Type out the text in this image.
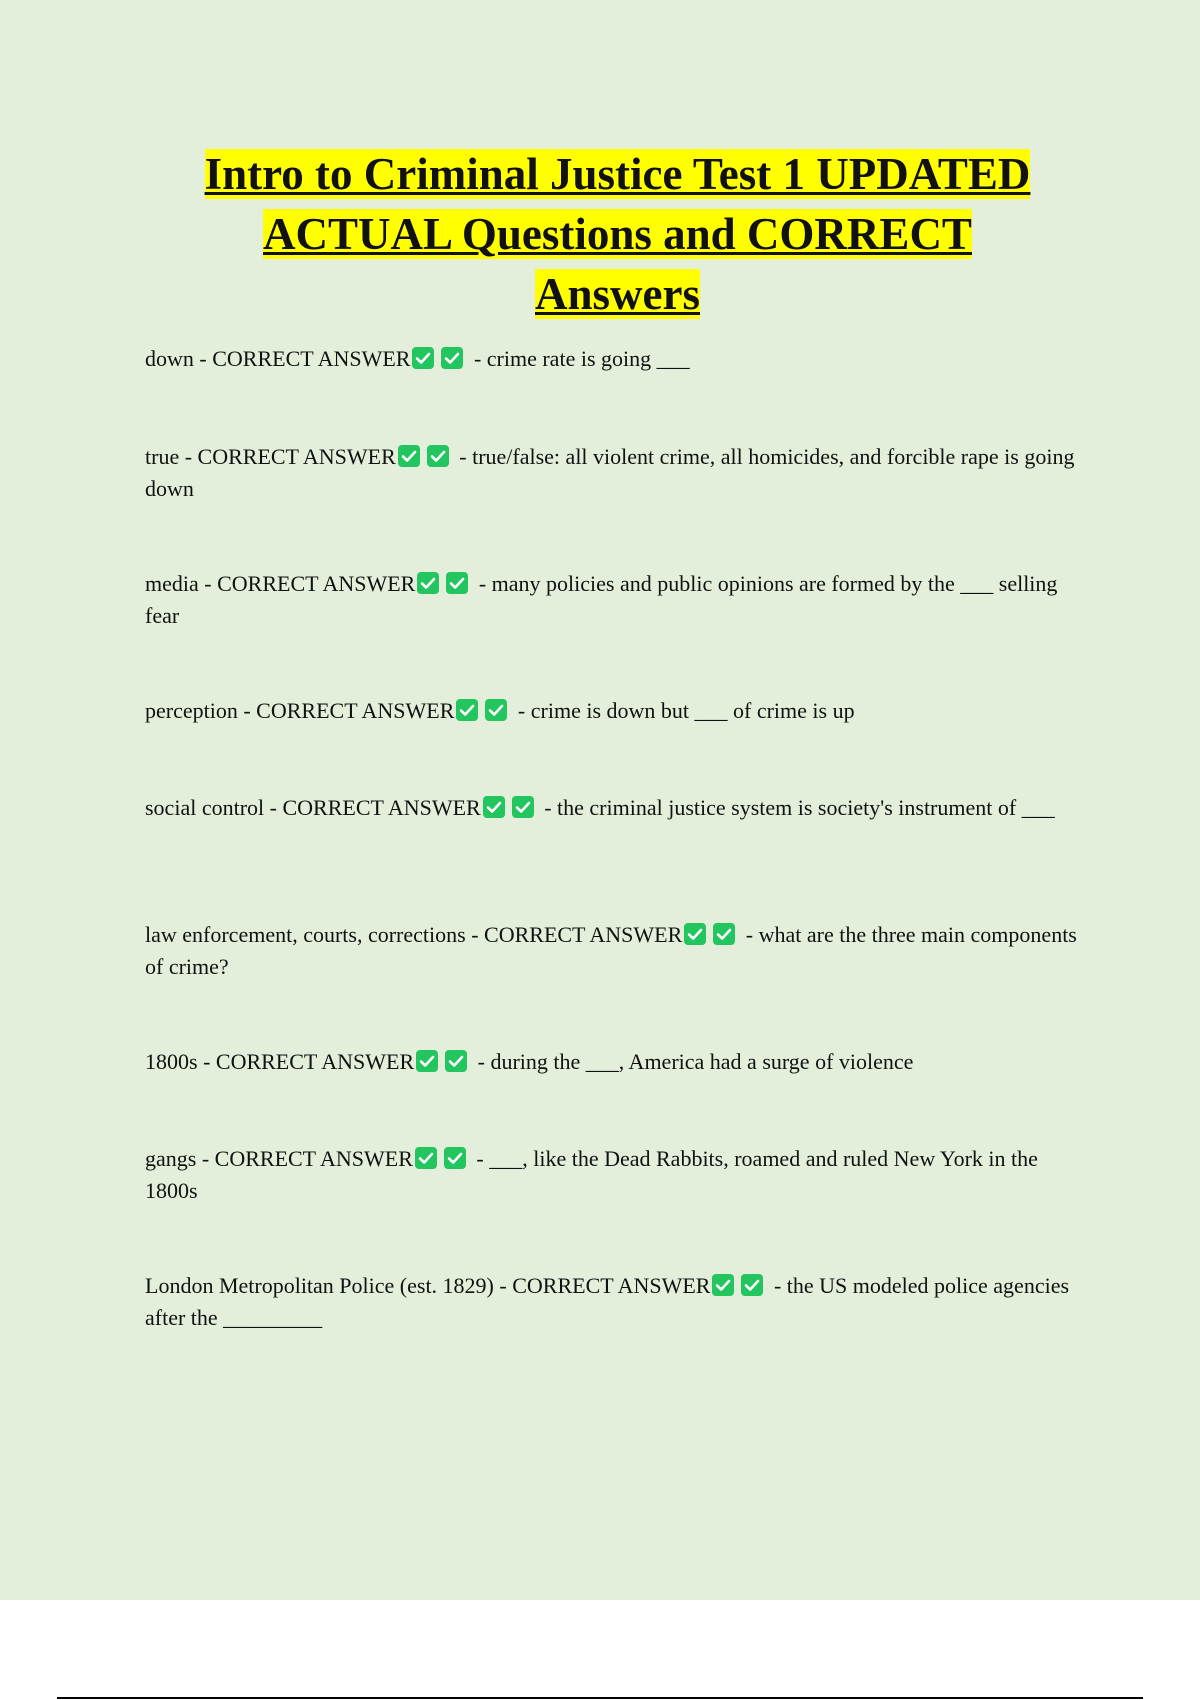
Intro to Criminal Justice Test 1 UPDATED
ACTUAL Questions and CORRECT
Answers

down - CORRECT ANSWER	- crime rate is going ___

true - CORRECT ANSWER	- true/false: all violent crime, all homicides, and forcible rape is going down

media - CORRECT ANSWER	- many policies and public opinions are formed by the ___ selling fear

perception - CORRECT ANSWER	- crime is down but ___ of crime is up

social control - CORRECT ANSWER	- the criminal justice system is society's instrument of ___

law enforcement, courts, corrections - CORRECT ANSWER	- what are the three main components of crime?

1800s - CORRECT ANSWER	- during the ___, America had a surge of violence

gangs - CORRECT ANSWER	- ___, like the Dead Rabbits, roamed and ruled New York in the 1800s

London Metropolitan Police (est. 1829) - CORRECT ANSWER	- the US modeled police agencies after the _________
